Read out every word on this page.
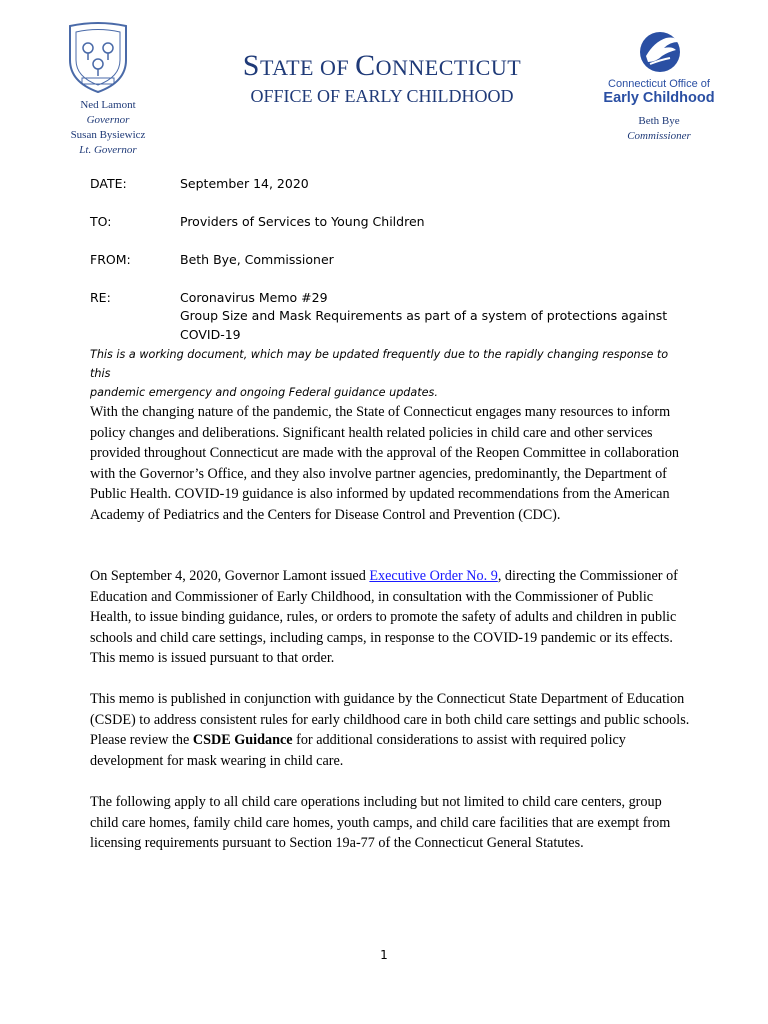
Ned Lamont
Governor
Susan Bysiewicz
Lt. Governor
STATE OF CONNECTICUT
OFFICE OF EARLY CHILDHOOD
Connecticut Office of
Early Childhood
Beth Bye
Commissioner
DATE:	September 14, 2020
TO:	Providers of Services to Young Children
FROM:	Beth Bye, Commissioner
RE:	Coronavirus Memo #29
Group Size and Mask Requirements as part of a system of protections against
COVID-19
This is a working document, which may be updated frequently due to the rapidly changing response to this
pandemic emergency and ongoing Federal guidance updates.
With the changing nature of the pandemic, the State of Connecticut engages many resources to inform policy changes and deliberations. Significant health related policies in child care and other services provided throughout Connecticut are made with the approval of the Reopen Committee in collaboration with the Governor’s Office, and they also involve partner agencies, predominantly, the Department of Public Health. COVID-19 guidance is also informed by updated recommendations from the American Academy of Pediatrics and the Centers for Disease Control and Prevention (CDC).
On September 4, 2020, Governor Lamont issued Executive Order No. 9, directing the Commissioner of Education and Commissioner of Early Childhood, in consultation with the Commissioner of Public Health, to issue binding guidance, rules, or orders to promote the safety of adults and children in public schools and child care settings, including camps, in response to the COVID-19 pandemic or its effects. This memo is issued pursuant to that order.
This memo is published in conjunction with guidance by the Connecticut State Department of Education (CSDE) to address consistent rules for early childhood care in both child care settings and public schools. Please review the CSDE Guidance for additional considerations to assist with required policy development for mask wearing in child care.
The following apply to all child care operations including but not limited to child care centers, group child care homes, family child care homes, youth camps, and child care facilities that are exempt from licensing requirements pursuant to Section 19a-77 of the Connecticut General Statutes.
1
